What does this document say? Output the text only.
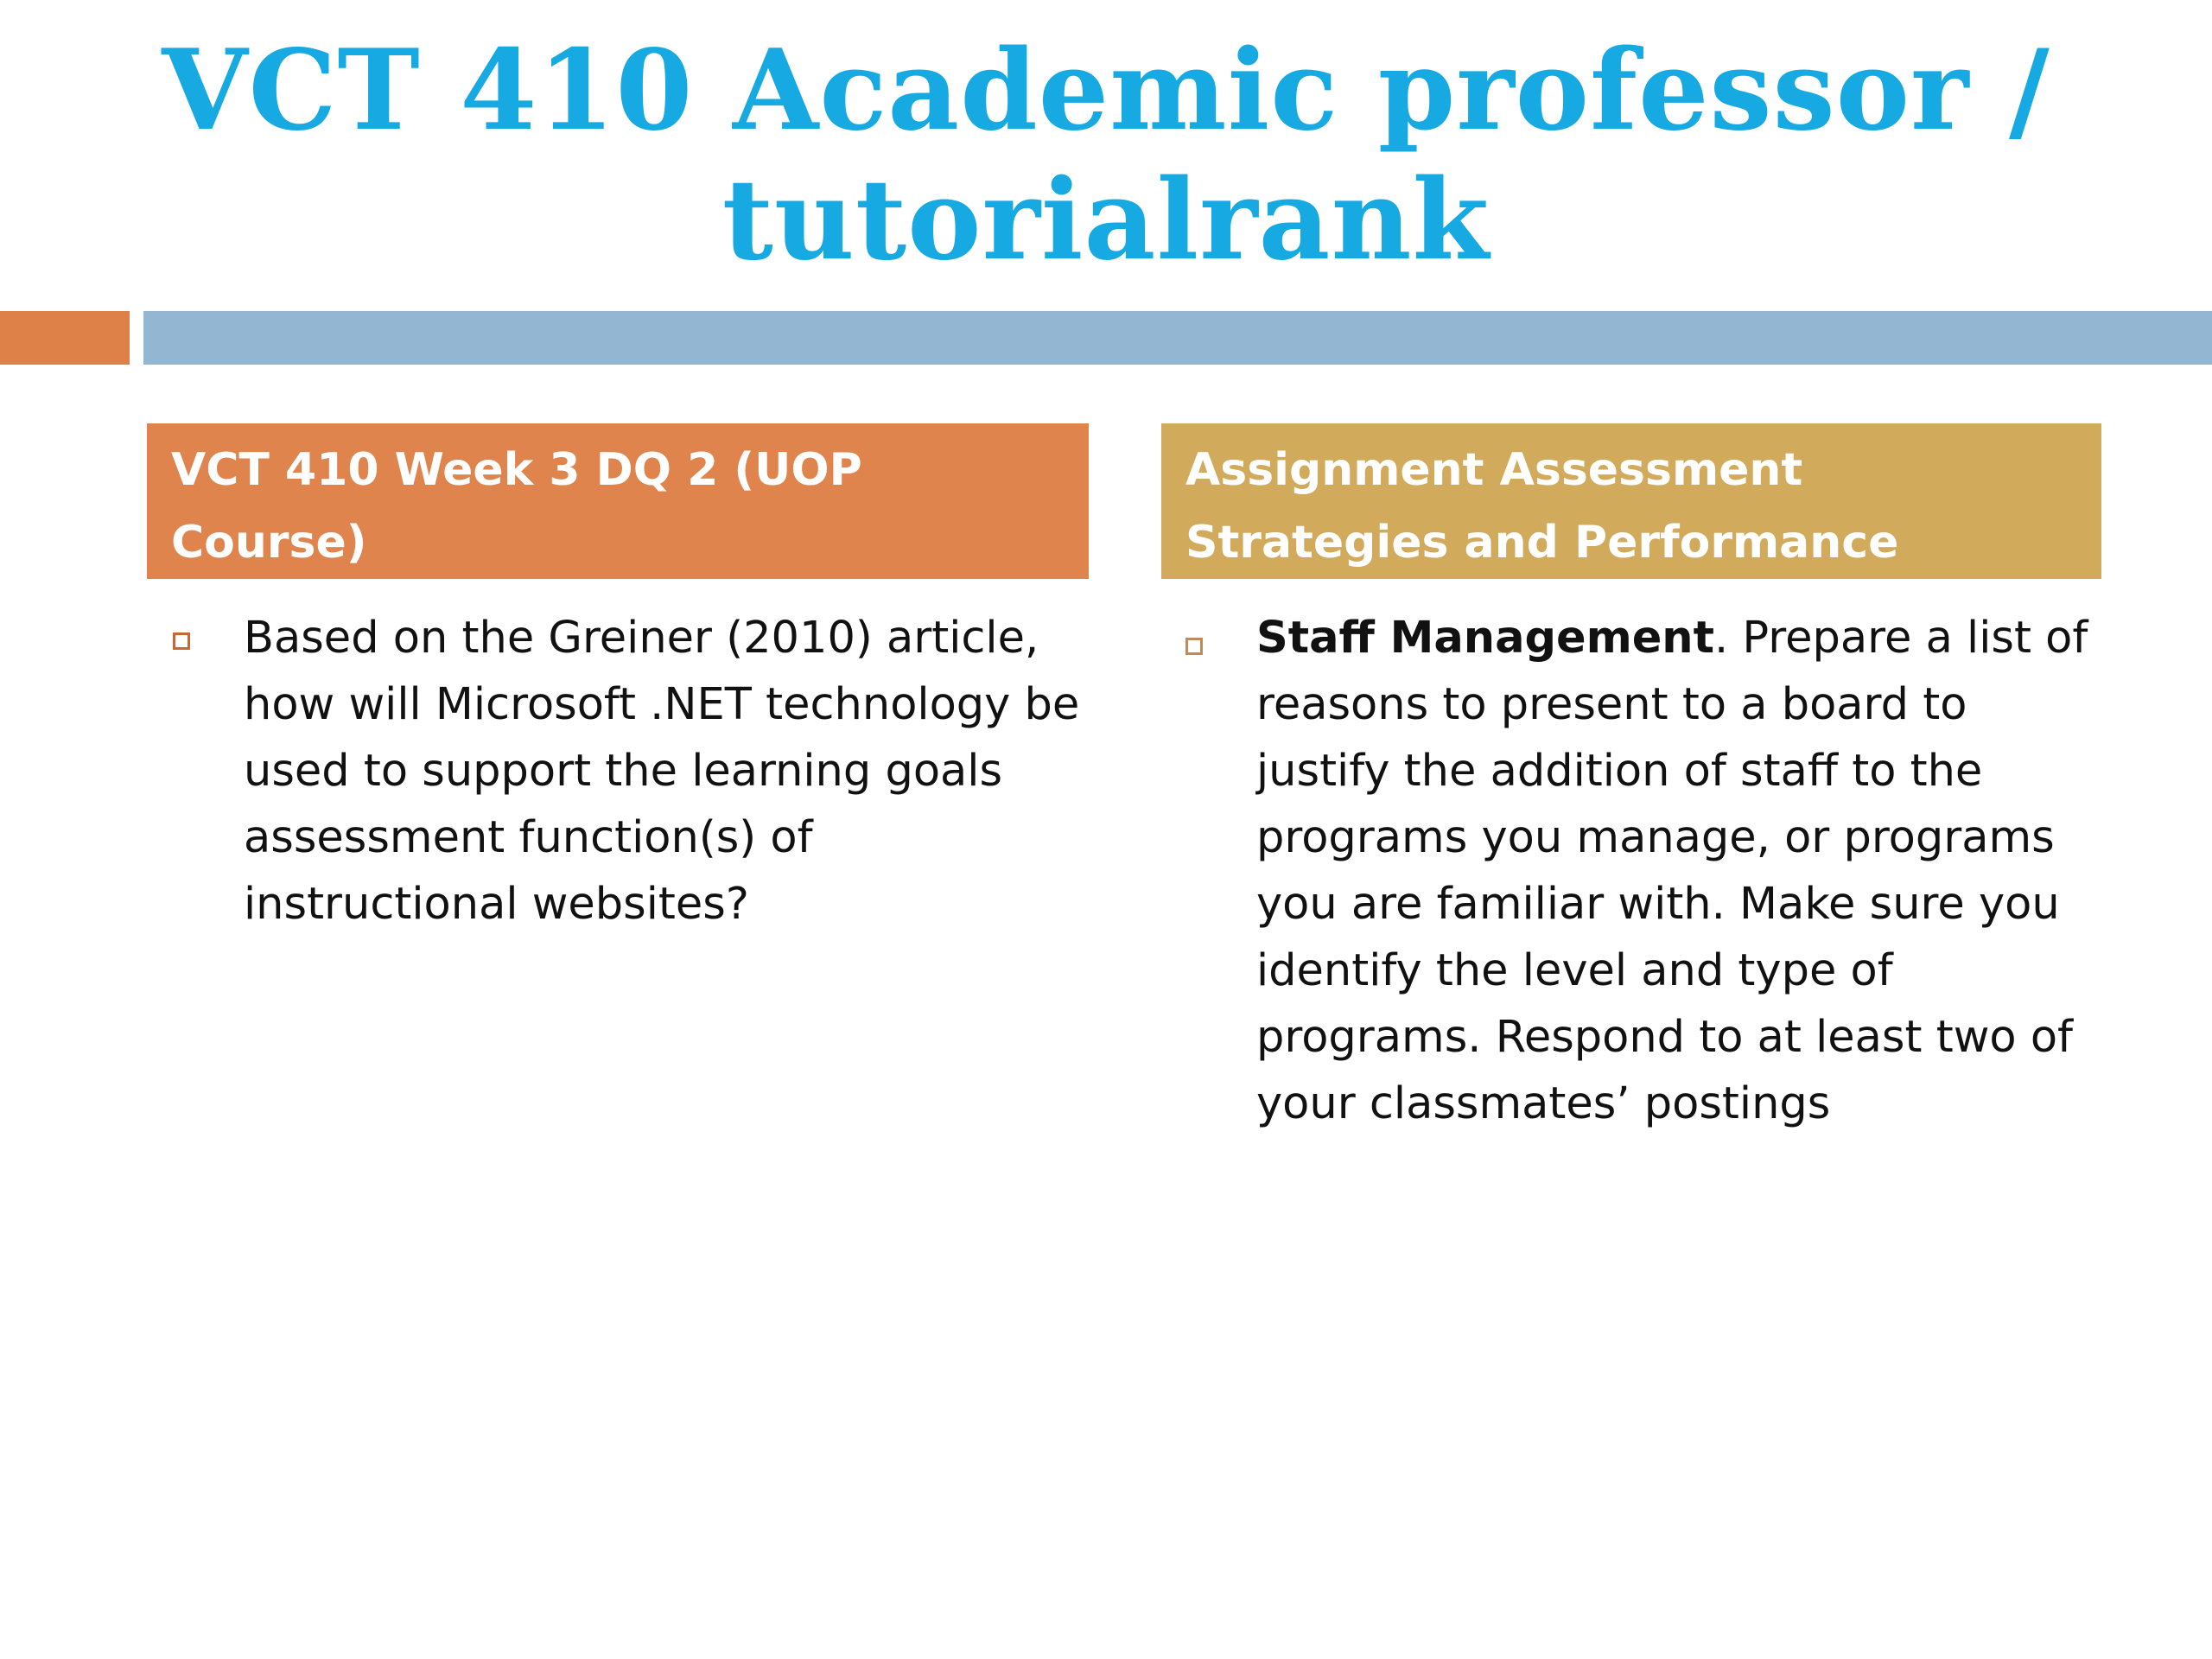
VCT 410 Academic professor / tutorialrank
VCT 410 Week 3 DQ 2 (UOP Course)
Assignment Assessment Strategies and Performance

Based on the Greiner (2010) article, how will Microsoft .NET technology be used to support the learning goals assessment function(s) of instructional websites?

Staff Management. Prepare a list of reasons to present to a board to justify the addition of staff to the programs you manage, or programs you are familiar with. Make sure you identify the level and type of programs. Respond to at least two of your classmates’ postings
